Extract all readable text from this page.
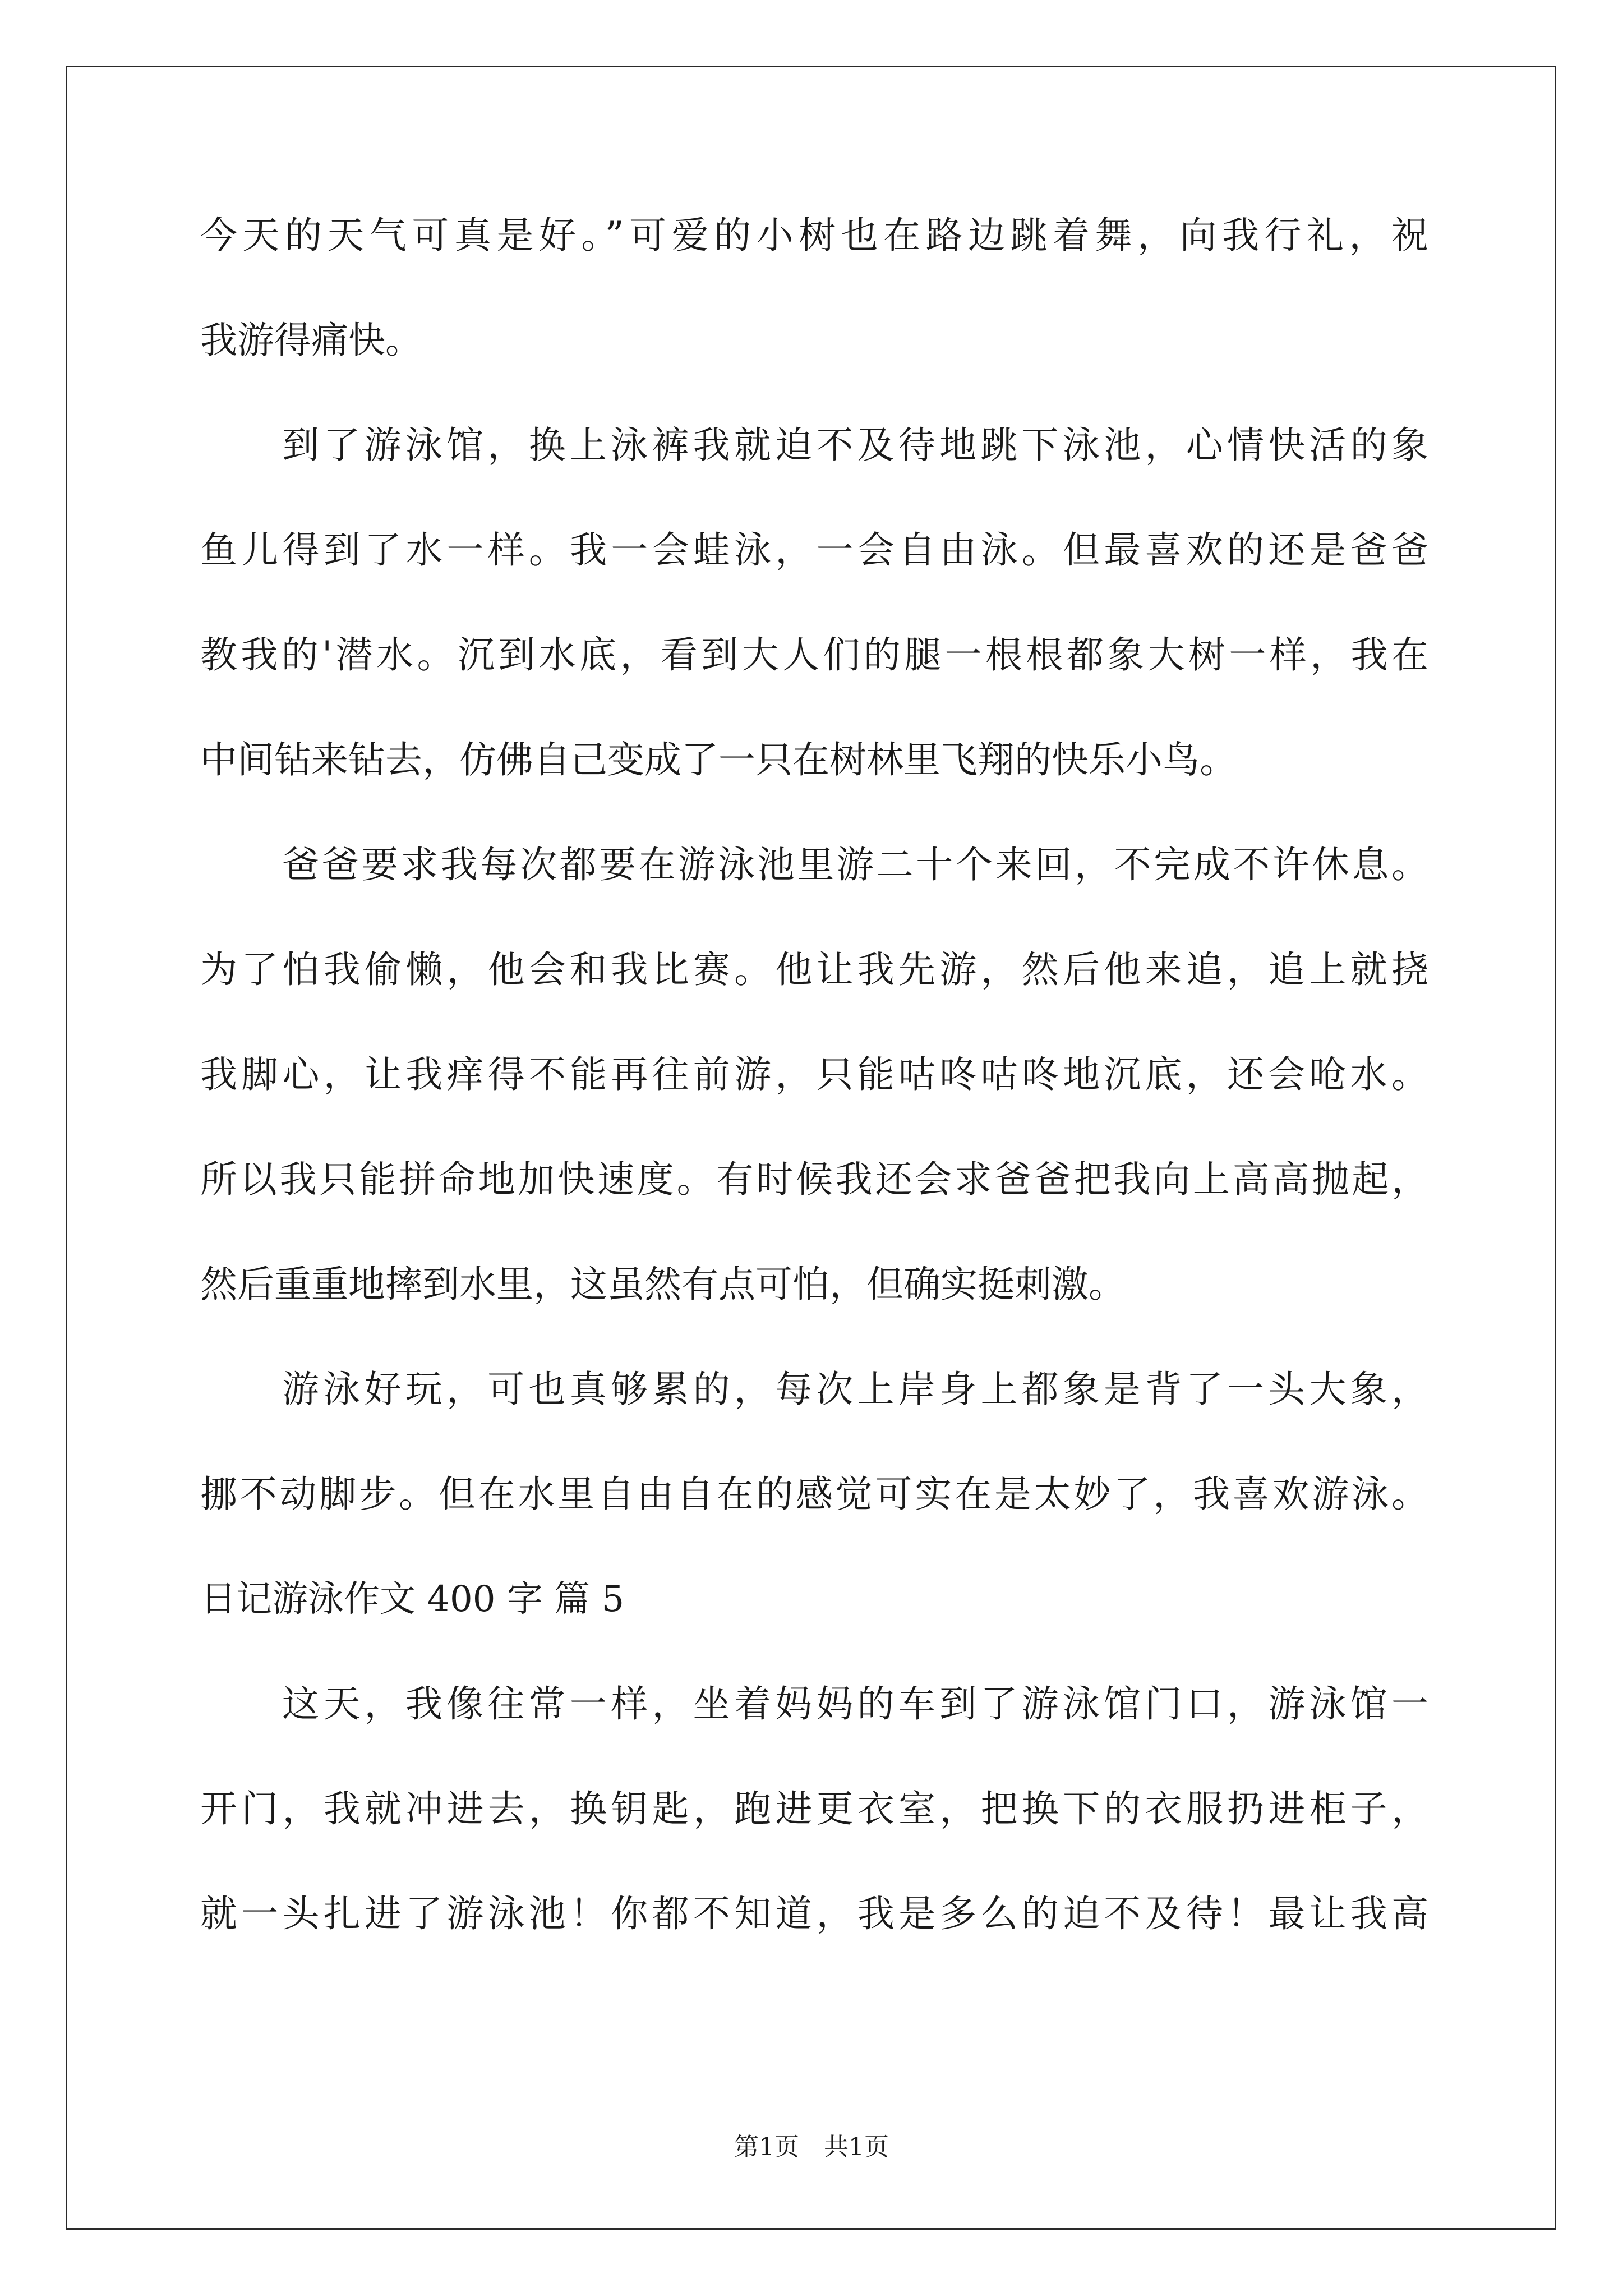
今天的天气可真是好。”可爱的小树也在路边跳着舞，向我行礼，祝
我游得痛快。
到了游泳馆，换上泳裤我就迫不及待地跳下泳池，心情快活的象
鱼儿得到了水一样。我一会蛙泳，一会自由泳。但最喜欢的还是爸爸
教我的'潜水。沉到水底，看到大人们的腿一根根都象大树一样，我在
中间钻来钻去，仿佛自己变成了一只在树林里飞翔的快乐小鸟。
爸爸要求我每次都要在游泳池里游二十个来回，不完成不许休息。
为了怕我偷懒，他会和我比赛。他让我先游，然后他来追，追上就挠
我脚心，让我痒得不能再往前游，只能咕咚咕咚地沉底，还会呛水。
所以我只能拼命地加快速度。有时候我还会求爸爸把我向上高高抛起，
然后重重地摔到水里，这虽然有点可怕，但确实挺刺激。
游泳好玩，可也真够累的，每次上岸身上都象是背了一头大象，
挪不动脚步。但在水里自由自在的感觉可实在是太妙了，我喜欢游泳。
日记游泳作文 400 字 篇 5
这天，我像往常一样，坐着妈妈的车到了游泳馆门口，游泳馆一
开门，我就冲进去，换钥匙，跑进更衣室，把换下的衣服扔进柜子，
就一头扎进了游泳池！你都不知道，我是多么的迫不及待！最让我高
第1页　共1页
